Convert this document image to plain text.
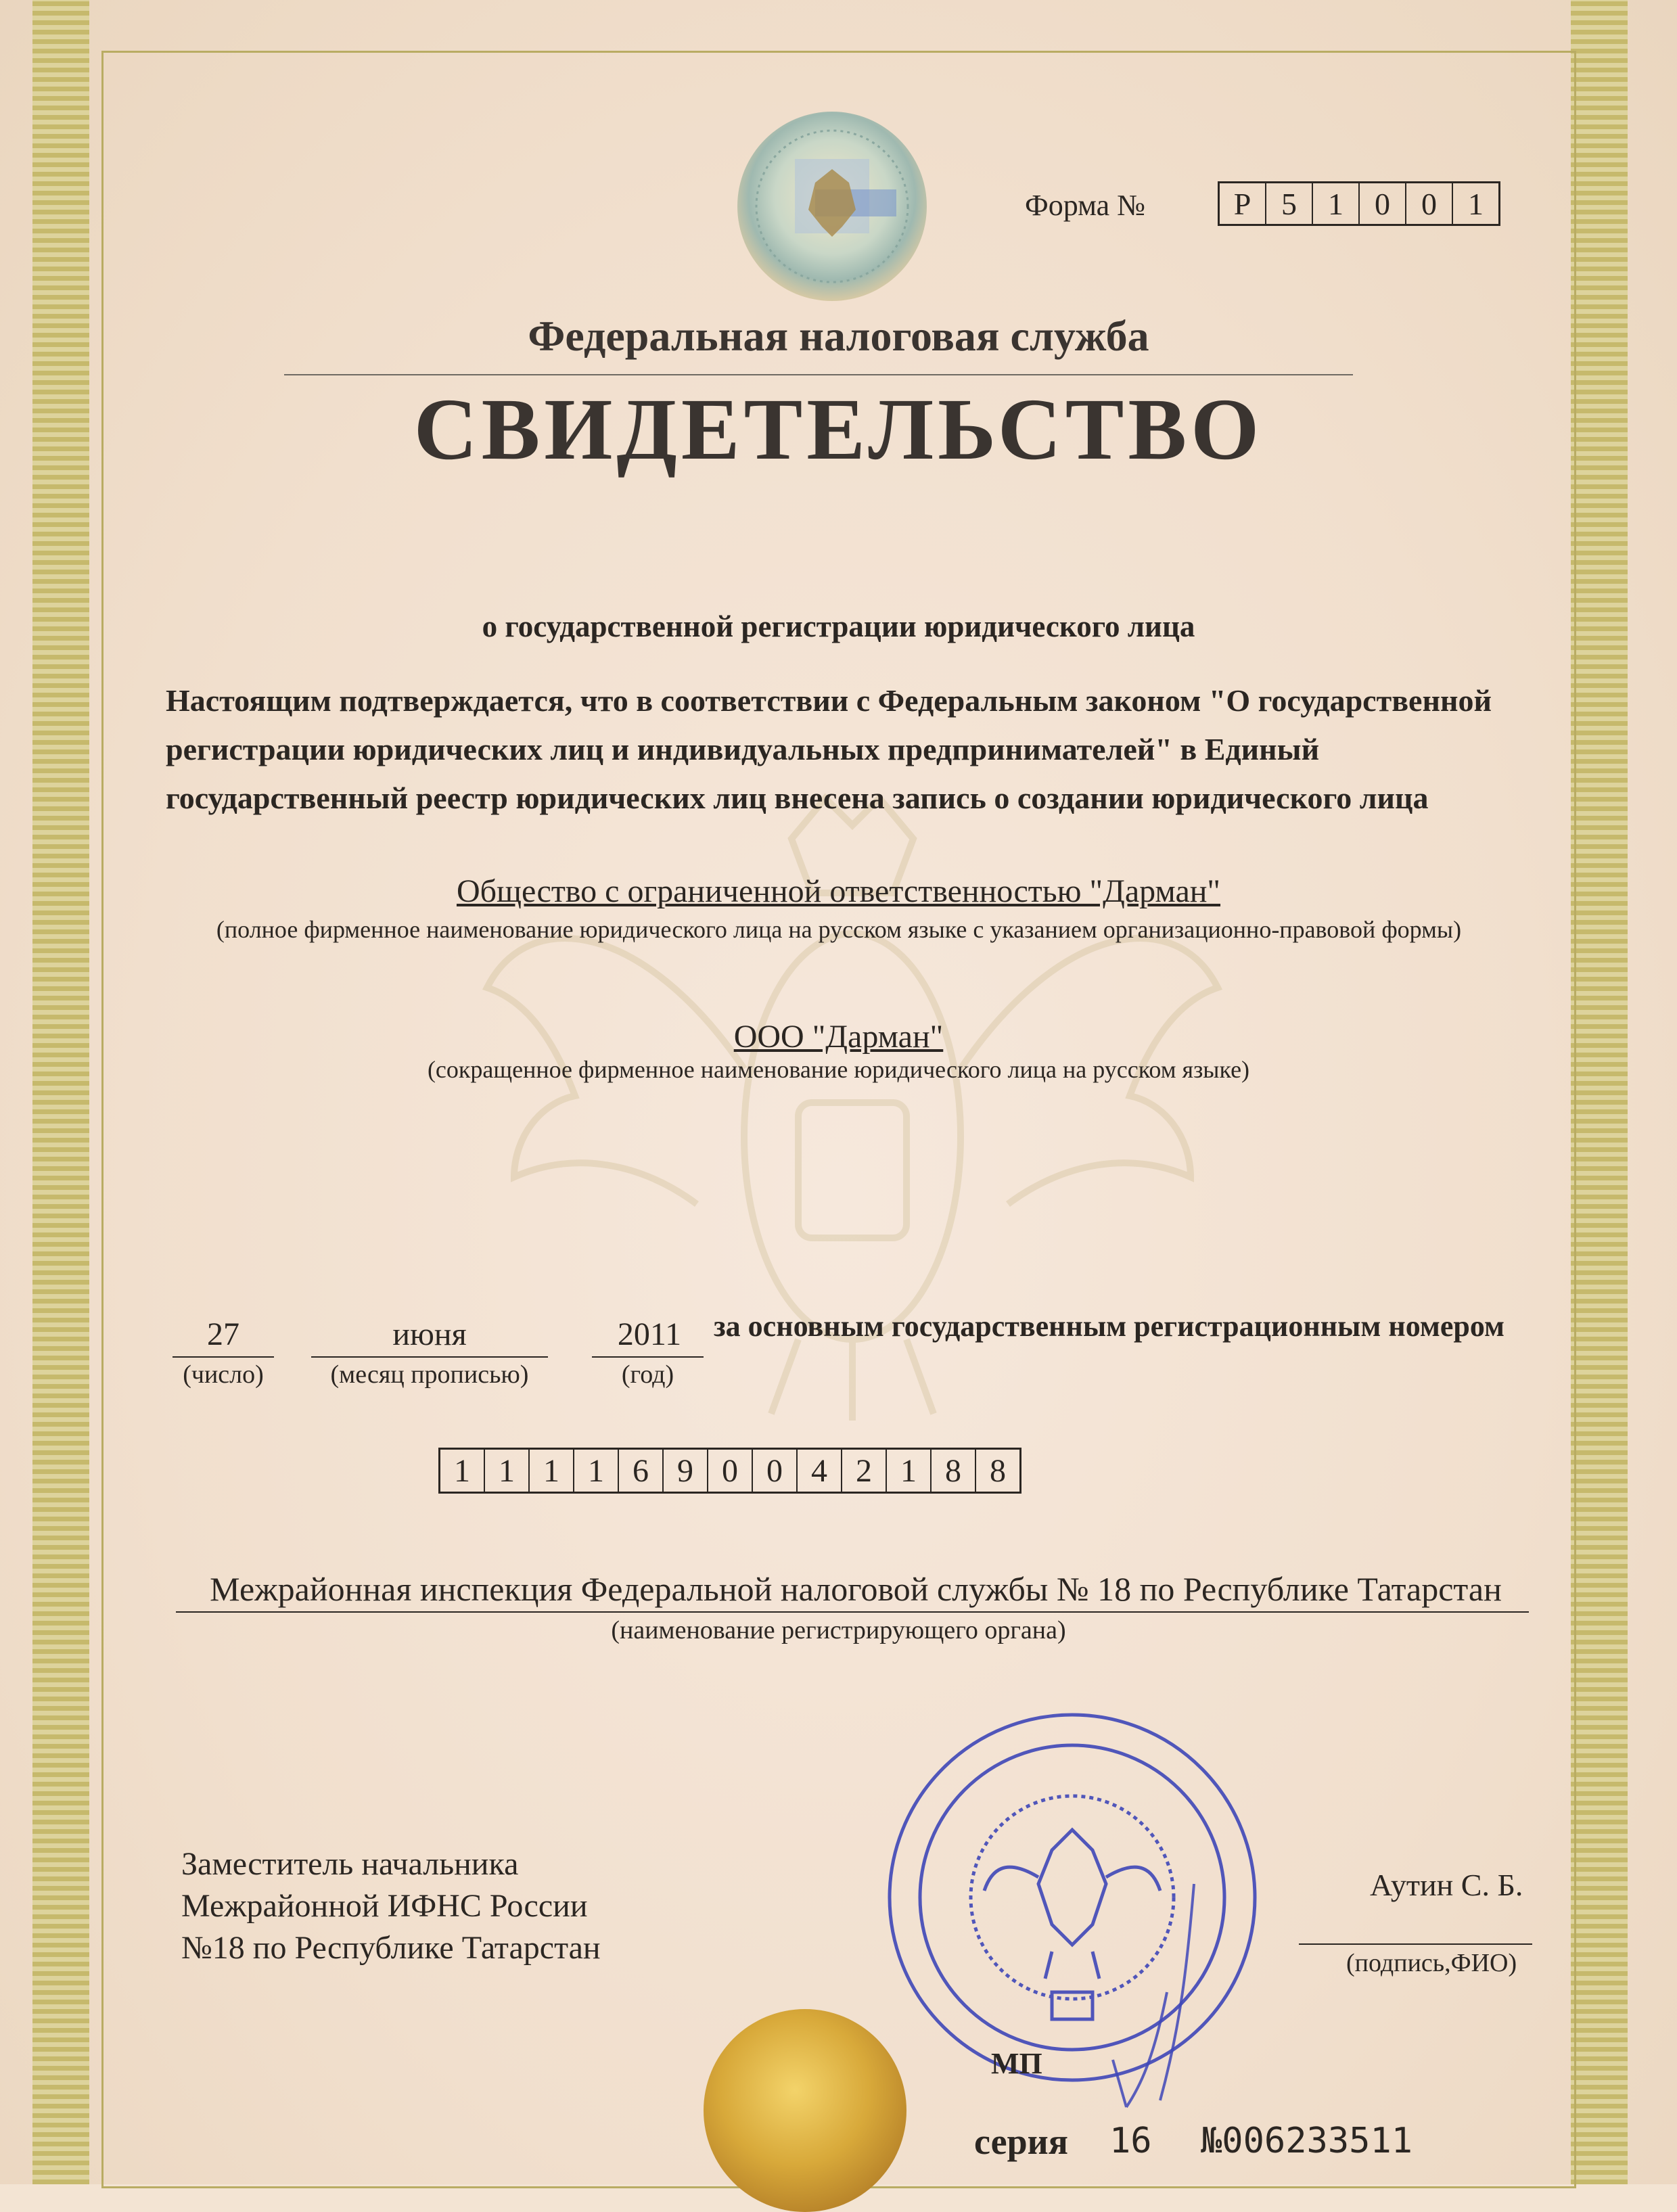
Форма №	Р 5	1	0	0	1
Федеральная налоговая служба
СВИДЕТЕЛЬСТВО
о государственной регистрации юридического лица
Настоящим подтверждается, что в соответствии с Федеральным законом "О государственной регистрации юридических лиц и индивидуальных предпринимателей" в Единый государственный реестр юридических лиц внесена запись о создании юридического лица
Общество с ограниченной ответственностью "Дарман"
(полное фирменное наименование юридического лица на русском языке с указанием организационно-правовой формы)
ООО "Дарман"
(сокращенное фирменное наименование юридического лица на русском языке)
27
(число)
июня
(месяц прописью)
2011
(год)
за основным государственным регистрационным номером
1 1 1 1 6 9 0 0 4 2 1 8 8
Межрайонная инспекция Федеральной налоговой службы № 18 по Республике Татарстан
(наименование регистрирующего органа)
Заместитель начальника
Межрайонной ИФНС России
№18 по Республике Татарстан
Аутин С. Б.
(подпись,ФИО)
МП
серия 16 №006233511
